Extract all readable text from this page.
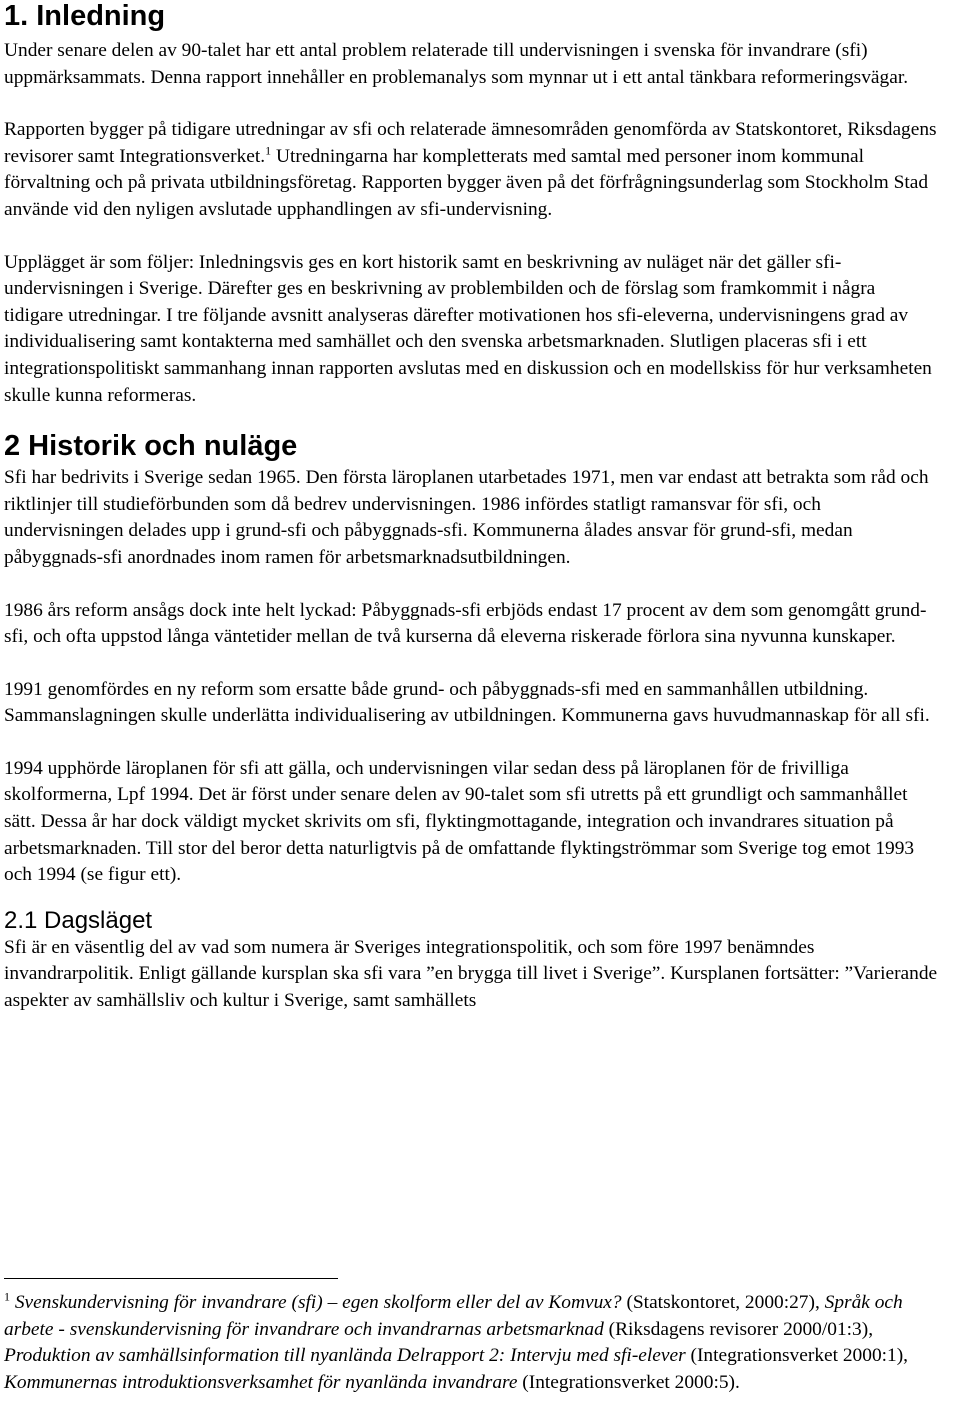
1. Inledning

Under senare delen av 90-talet har ett antal problem relaterade till undervisningen i svenska för invandrare (sfi) uppmärksammats. Denna rapport innehåller en problemanalys som mynnar ut i ett antal tänkbara reformeringsvägar.

Rapporten bygger på tidigare utredningar av sfi och relaterade ämnesområden genomförda av Statskontoret, Riksdagens revisorer samt Integrationsverket.$^1$ Utredningarna har kompletterats med samtal med personer inom kommunal förvaltning och på privata utbildningsföretag. Rapporten bygger även på det förfrågningsunderlag som Stockholm Stad använde vid den nyligen avslutade upphandlingen av sfi-undervisning.

Upplägget är som följer: Inledningsvis ges en kort historik samt en beskrivning av nuläget när det gäller sfi-undervisningen i Sverige. Därefter ges en beskrivning av problembilden och de förslag som framkommit i några tidigare utredningar. I tre följande avsnitt analyseras därefter motivationen hos sfi-eleverna, undervisningens grad av individualisering samt kontakterna med samhället och den svenska arbetsmarknaden. Slutligen placeras sfi i ett integrationspolitiskt sammanhang innan rapporten avslutas med en diskussion och en modellskiss för hur verksamheten skulle kunna reformeras.

2 Historik och nuläge

Sfi har bedrivits i Sverige sedan 1965. Den första läroplanen utarbetades 1971, men var endast att betrakta som råd och riktlinjer till studieförbunden som då bedrev undervisningen. 1986 infördes statligt ramansvar för sfi, och undervisningen delades upp i grund-sfi och påbyggnads-sfi. Kommunerna ålades ansvar för grund-sfi, medan påbyggnads-sfi anordnades inom ramen för arbetsmarknadsutbildningen.

1986 års reform ansågs dock inte helt lyckad: Påbyggnads-sfi erbjöds endast 17 procent av dem som genomgått grund-sfi, och ofta uppstod långa väntetider mellan de två kurserna då eleverna riskerade förlora sina nyvunna kunskaper.

1991 genomfördes en ny reform som ersatte både grund- och påbyggnads-sfi med en sammanhållen utbildning. Sammanslagningen skulle underlätta individualisering av utbildningen. Kommunerna gavs huvudmannaskap för all sfi.

1994 upphörde läroplanen för sfi att gälla, och undervisningen vilar sedan dess på läroplanen för de frivilliga skolformerna, Lpf 1994. Det är först under senare delen av 90-talet som sfi utretts på ett grundligt och sammanhållet sätt. Dessa år har dock väldigt mycket skrivits om sfi, flyktingmottagande, integration och invandrares situation på arbetsmarknaden. Till stor del beror detta naturligtvis på de omfattande flyktingströmmar som Sverige tog emot 1993 och 1994 (se figur ett).

2.1 Dagsläget

Sfi är en väsentlig del av vad som numera är Sveriges integrationspolitik, och som före 1997 benämndes invandrarpolitik. Enligt gällande kursplan ska sfi vara ”en brygga till livet i Sverige”. Kursplanen fortsätter: ”Varierande aspekter av samhällsliv och kultur i Sverige, samt samhällets

$^1$ Svenskundervisning för invandrare (sfi) – egen skolform eller del av Komvux? (Statskontoret, 2000:27), Språk och arbete - svenskundervisning för invandrare och invandrarnas arbetsmarknad (Riksdagens revisorer 2000/01:3), Produktion av samhällsinformation till nyanlända Delrapport 2: Intervju med sfi-elever (Integrationsverket 2000:1), Kommunernas introduktionsverksamhet för nyanlända invandrare (Integrationsverket 2000:5).
